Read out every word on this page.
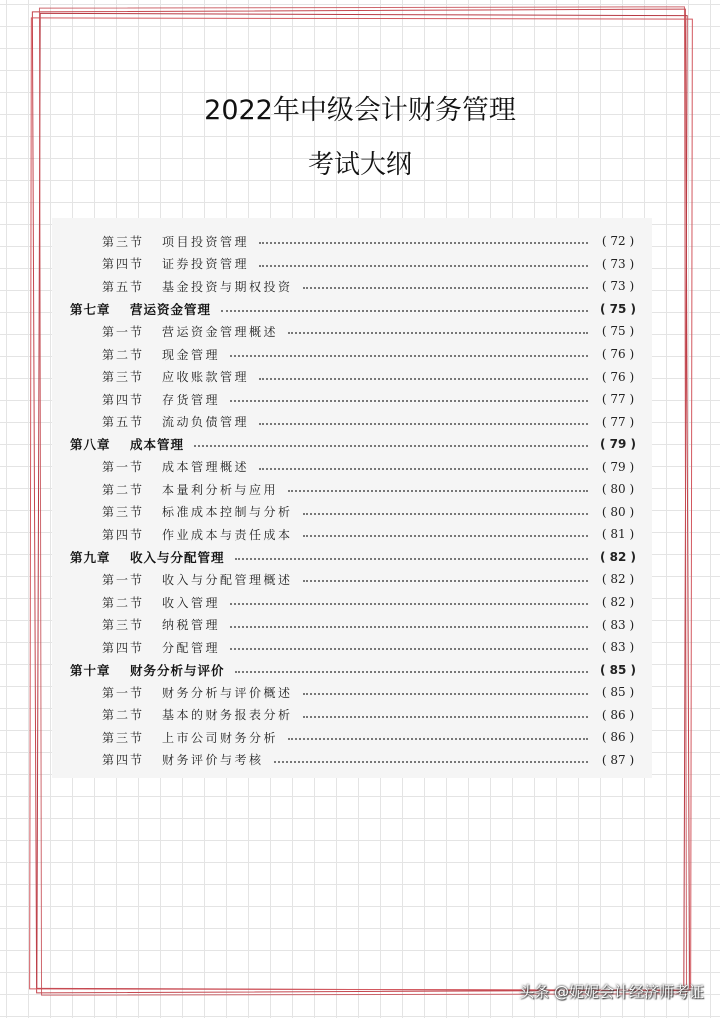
2022年中级会计财务管理
考试大纲
第三节	项目投资管理	( 72 )
第四节	证券投资管理	( 73 )
第五节	基金投资与期权投资	( 73 )
第七章	营运资金管理	( 75 )
第一节	营运资金管理概述	( 75 )
第二节	现金管理	( 76 )
第三节	应收账款管理	( 76 )
第四节	存货管理	( 77 )
第五节	流动负债管理	( 77 )
第八章	成本管理	( 79 )
第一节	成本管理概述	( 79 )
第二节	本量利分析与应用	( 80 )
第三节	标准成本控制与分析	( 80 )
第四节	作业成本与责任成本	( 81 )
第九章	收入与分配管理	( 82 )
第一节	收入与分配管理概述	( 82 )
第二节	收入管理	( 82 )
第三节	纳税管理	( 83 )
第四节	分配管理	( 83 )
第十章	财务分析与评价	( 85 )
第一节	财务分析与评价概述	( 85 )
第二节	基本的财务报表分析	( 86 )
第三节	上市公司财务分析	( 86 )
第四节	财务评价与考核	( 87 )
头条 @妮妮会计经济师考证
